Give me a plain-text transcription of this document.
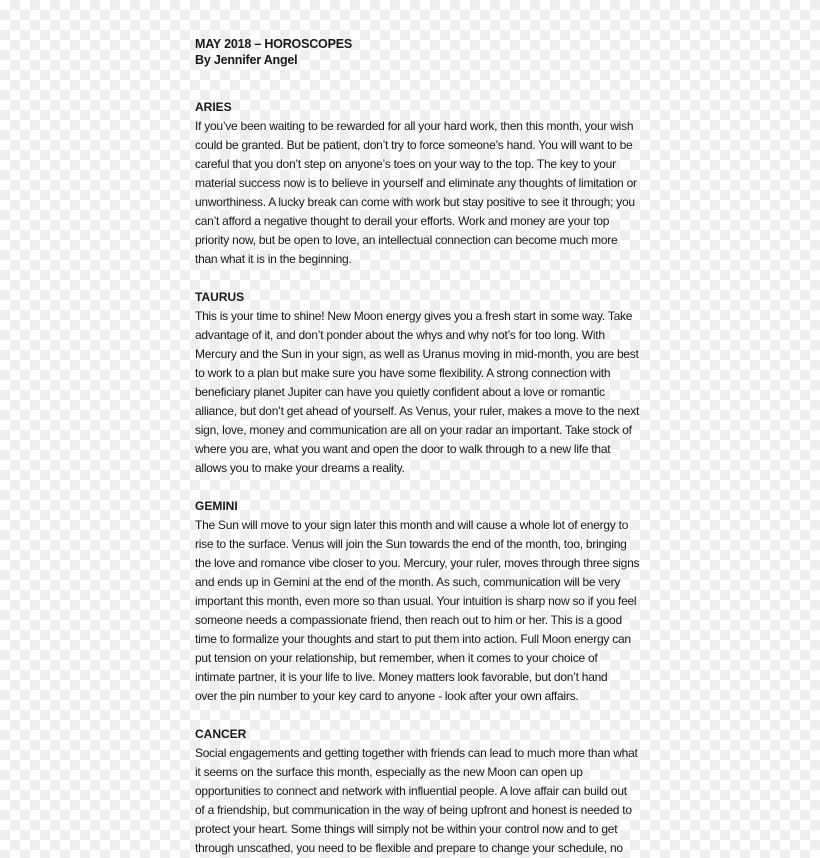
MAY 2018 – HOROSCOPES
By Jennifer Angel
ARIES
If you’ve been waiting to be rewarded for all your hard work, then this month, your wish
could be granted. But be patient, don’t try to force someone’s hand. You will want to be
careful that you don’t step on anyone’s toes on your way to the top. The key to your
material success now is to believe in yourself and eliminate any thoughts of limitation or
unworthiness. A lucky break can come with work but stay positive to see it through; you
can’t afford a negative thought to derail your efforts. Work and money are your top
priority now, but be open to love, an intellectual connection can become much more
than what it is in the beginning.
TAURUS
This is your time to shine! New Moon energy gives you a fresh start in some way. Take
advantage of it, and don’t ponder about the whys and why not’s for too long. With
Mercury and the Sun in your sign, as well as Uranus moving in mid-month, you are best
to work to a plan but make sure you have some flexibility. A strong connection with
beneficiary planet Jupiter can have you quietly confident about a love or romantic
alliance, but don’t get ahead of yourself. As Venus, your ruler, makes a move to the next
sign, love, money and communication are all on your radar an important. Take stock of
where you are, what you want and open the door to walk through to a new life that
allows you to make your dreams a reality.
GEMINI
The Sun will move to your sign later this month and will cause a whole lot of energy to
rise to the surface. Venus will join the Sun towards the end of the month, too, bringing
the love and romance vibe closer to you. Mercury, your ruler, moves through three signs
and ends up in Gemini at the end of the month. As such, communication will be very
important this month, even more so than usual. Your intuition is sharp now so if you feel
someone needs a compassionate friend, then reach out to him or her. This is a good
time to formalize your thoughts and start to put them into action. Full Moon energy can
put tension on your relationship, but remember, when it comes to your choice of
intimate partner, it is your life to live. Money matters look favorable, but don’t hand
over the pin number to your key card to anyone - look after your own affairs.
CANCER
Social engagements and getting together with friends can lead to much more than what
it seems on the surface this month, especially as the new Moon can open up
opportunities to connect and network with influential people. A love affair can build out
of a friendship, but communication in the way of being upfront and honest is needed to
protect your heart. Some things will simply not be within your control now and to get
through unscathed, you need to be flexible and prepare to change your schedule, no
